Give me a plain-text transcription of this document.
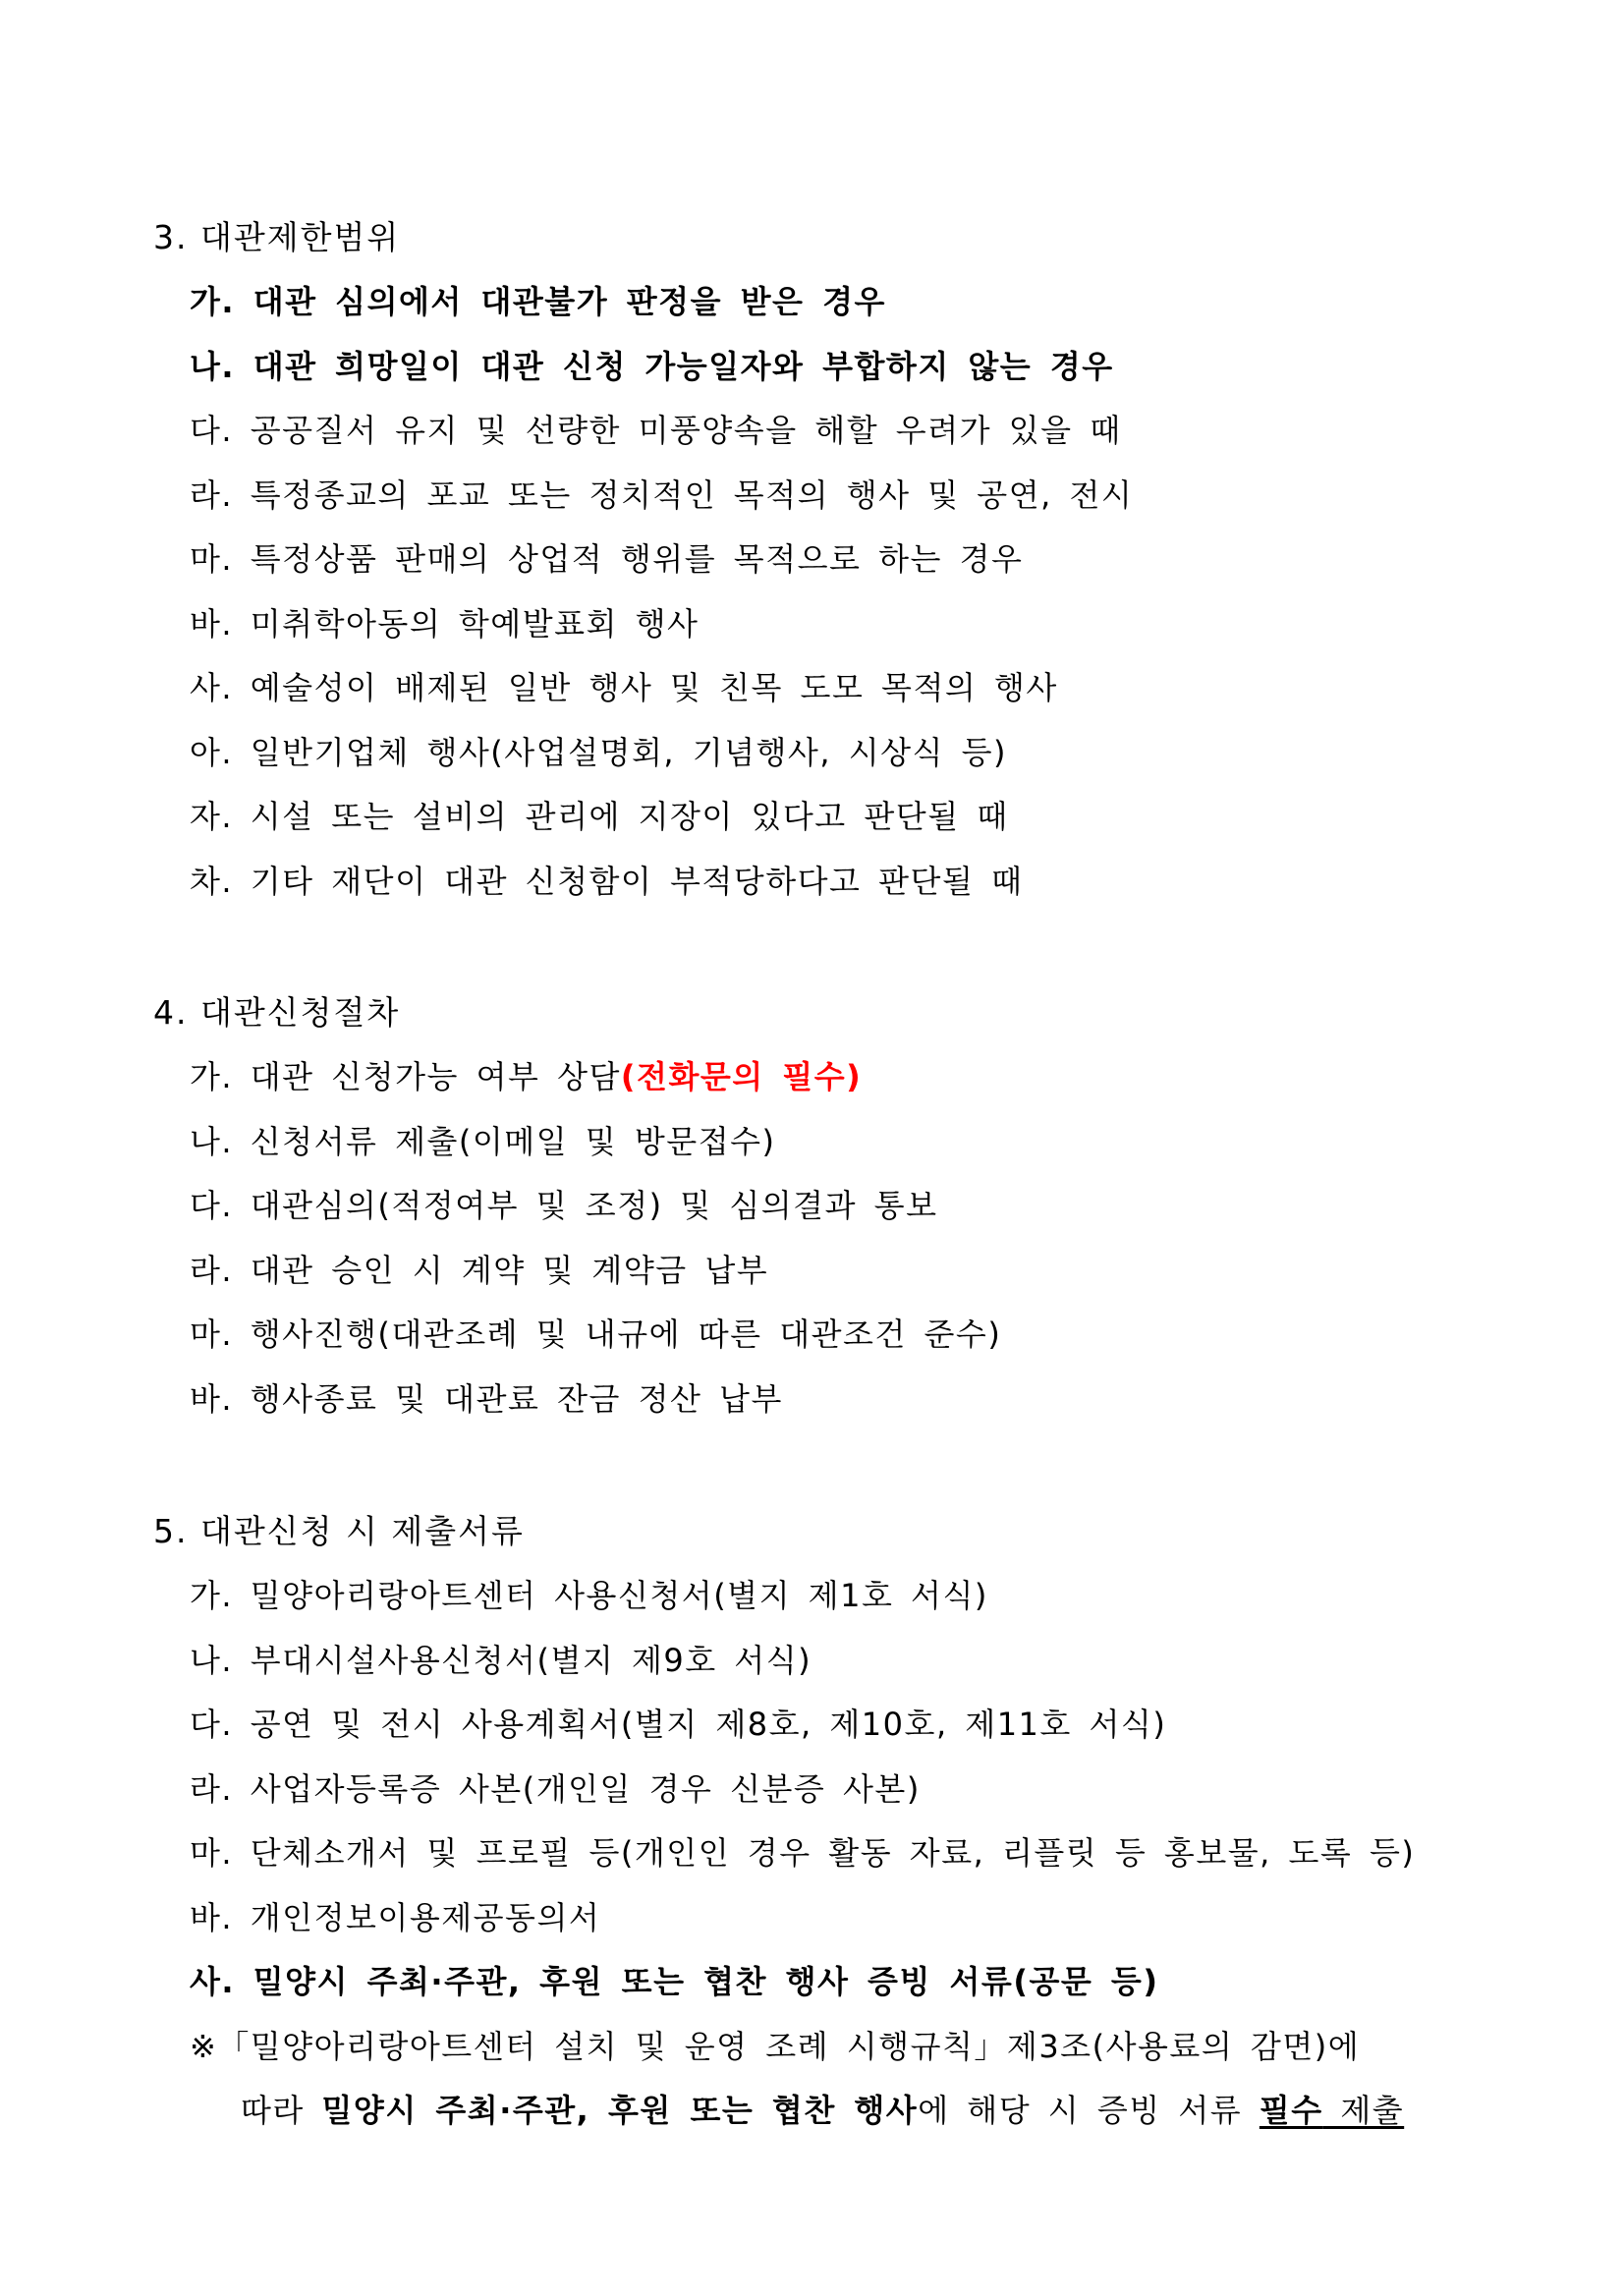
3. 대관제한범위
가. 대관 심의에서 대관불가 판정을 받은 경우
나. 대관 희망일이 대관 신청 가능일자와 부합하지 않는 경우
다. 공공질서 유지 및 선량한 미풍양속을 해할 우려가 있을 때
라. 특정종교의 포교 또는 정치적인 목적의 행사 및 공연, 전시
마. 특정상품 판매의 상업적 행위를 목적으로 하는 경우
바. 미취학아동의 학예발표회 행사
사. 예술성이 배제된 일반 행사 및 친목 도모 목적의 행사
아. 일반기업체 행사(사업설명회, 기념행사, 시상식 등)
자. 시설 또는 설비의 관리에 지장이 있다고 판단될 때
차. 기타 재단이 대관 신청함이 부적당하다고 판단될 때
4. 대관신청절차
가. 대관 신청가능 여부 상담(전화문의 필수)
나. 신청서류 제출(이메일 및 방문접수)
다. 대관심의(적정여부 및 조정) 및 심의결과 통보
라. 대관 승인 시 계약 및 계약금 납부
마. 행사진행(대관조례 및 내규에 따른 대관조건 준수)
바. 행사종료 및 대관료 잔금 정산 납부
5. 대관신청 시 제출서류
가. 밀양아리랑아트센터 사용신청서(별지 제1호 서식)
나. 부대시설사용신청서(별지 제9호 서식)
다. 공연 및 전시 사용계획서(별지 제8호, 제10호, 제11호 서식)
라. 사업자등록증 사본(개인일 경우 신분증 사본)
마. 단체소개서 및 프로필 등(개인인 경우 활동 자료, 리플릿 등 홍보물, 도록 등)
바. 개인정보이용제공동의서
사. 밀양시 주최·주관, 후원 또는 협찬 행사 증빙 서류(공문 등)
※「밀양아리랑아트센터 설치 및 운영 조례 시행규칙」제3조(사용료의 감면)에
따라 밀양시 주최·주관, 후원 또는 협찬 행사에 해당 시 증빙 서류 필수 제출
